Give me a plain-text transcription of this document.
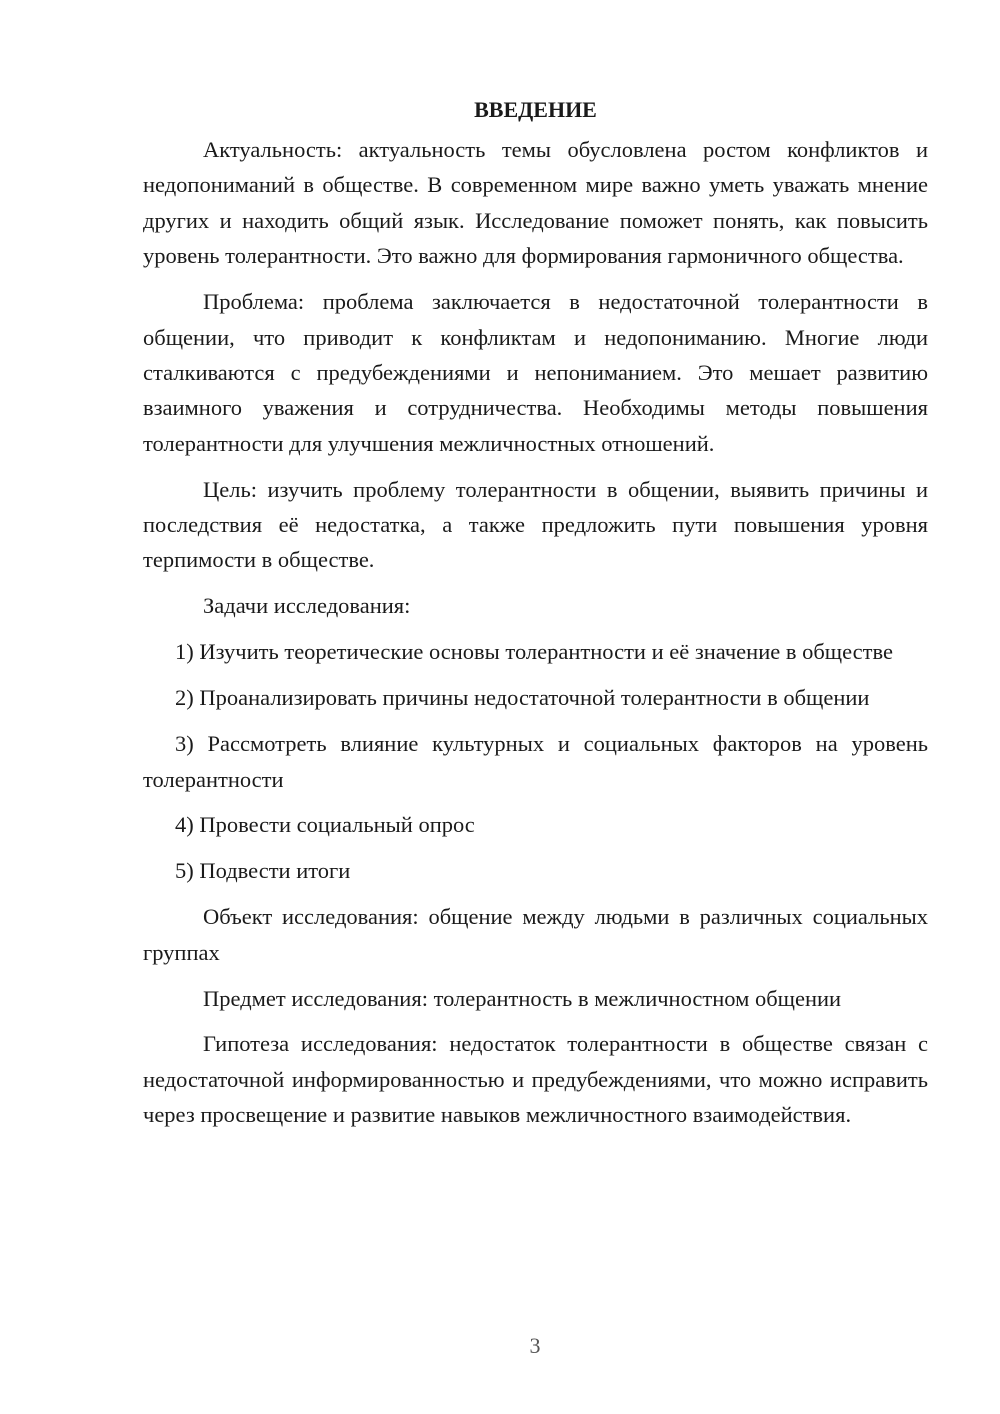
ВВЕДЕНИЕ

Актуальность: актуальность темы обусловлена ростом конфликтов и недопониманий в обществе. В современном мире важно уметь уважать мнение других и находить общий язык. Исследование поможет понять, как повысить уровень толерантности. Это важно для формирования гармоничного общества.

Проблема: проблема заключается в недостаточной толерантности в общении, что приводит к конфликтам и недопониманию. Многие люди сталкиваются с предубеждениями и непониманием. Это мешает развитию взаимного уважения и сотрудничества. Необходимы методы повышения толерантности для улучшения межличностных отношений.

Цель: изучить проблему толерантности в общении, выявить причины и последствия её недостатка, а также предложить пути повышения уровня терпимости в обществе.

Задачи исследования:

1) Изучить теоретические основы толерантности и её значение в обществе

2) Проанализировать причины недостаточной толерантности в общении

3) Рассмотреть влияние культурных и социальных факторов на уровень толерантности

4) Провести социальный опрос

5) Подвести итоги

Объект исследования: общение между людьми в различных социальных группах

Предмет исследования: толерантность в межличностном общении

Гипотеза исследования: недостаток толерантности в обществе связан с недостаточной информированностью и предубеждениями, что можно исправить через просвещение и развитие навыков межличностного взаимодействия.

3
